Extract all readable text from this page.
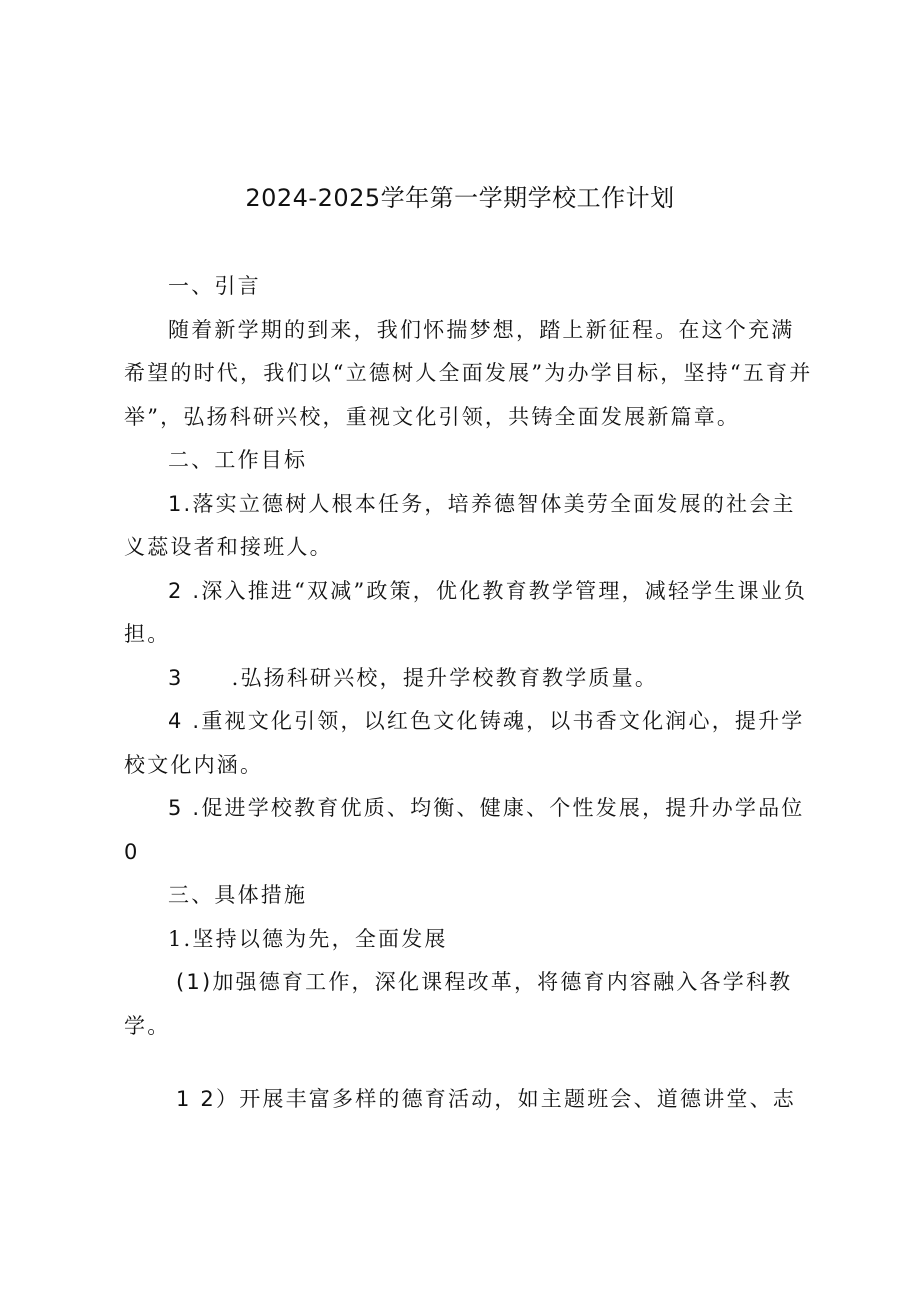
2024-2025学年第一学期学校工作计划

一、引言

随着新学期的到来，我们怀揣梦想，踏上新征程。在这个充满希望的时代，我们以“立德树人全面发展”为办学目标，坚持“五育并举”，弘扬科研兴校，重视文化引领，共铸全面发展新篇章。

二、工作目标

1.落实立德树人根本任务，培养德智体美劳全面发展的社会主义蕊设者和接班人。

2 .深入推进“双减”政策，优化教育教学管理，减轻学生课业负担。

3 .弘扬科研兴校，提升学校教育教学质量。

4 .重视文化引领，以红色文化铸魂，以书香文化润心，提升学校文化内涵。

5 .促进学校教育优质、均衡、健康、个性发展，提升办学品位

0

三、具体措施

1.坚持以德为先，全面发展

(1)加强德育工作，深化课程改革，将德育内容融入各学科教学。

1 2）开展丰富多样的德育活动，如主题班会、道德讲堂、志
